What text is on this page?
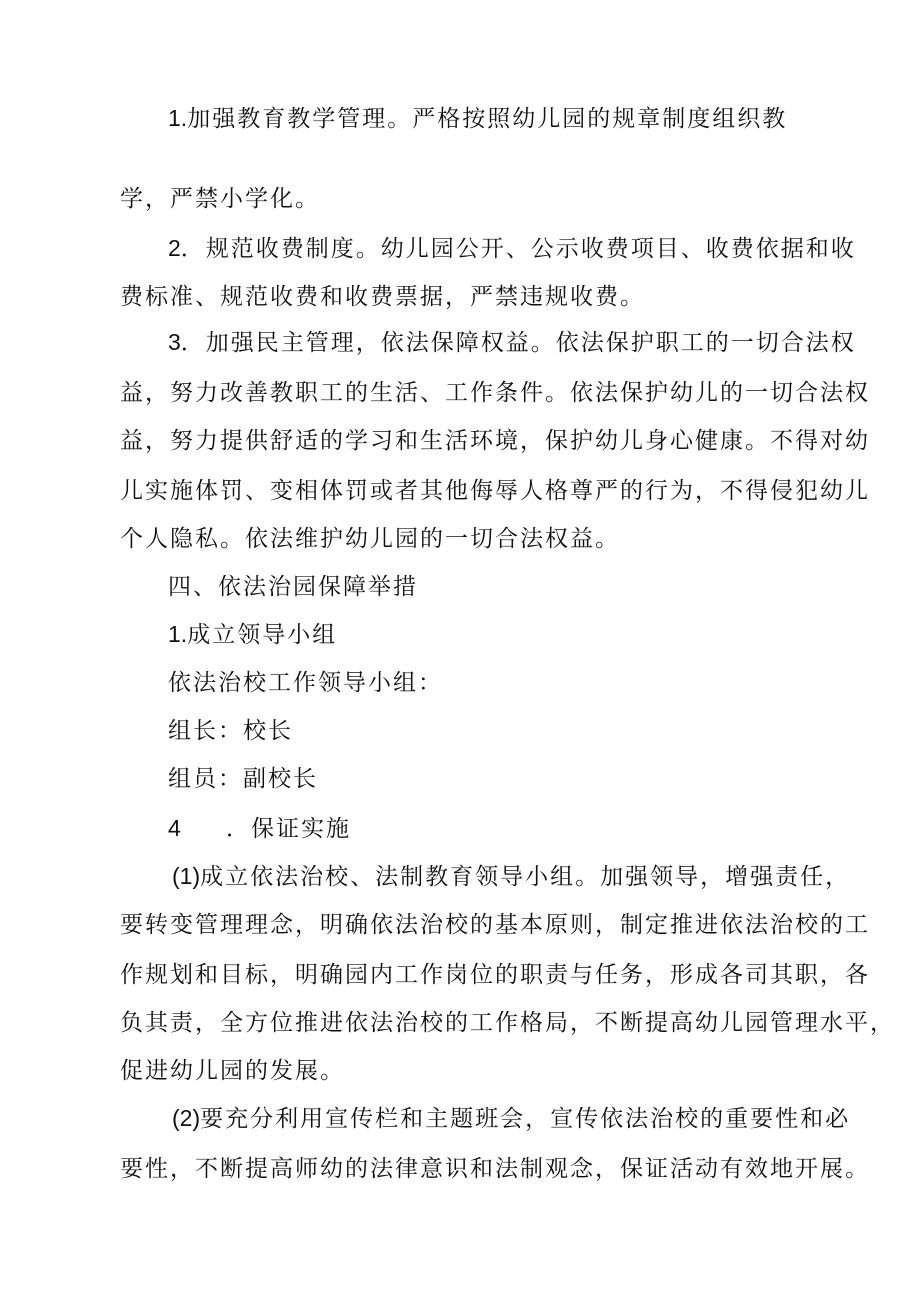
1.加强教育教学管理。严格按照幼儿园的规章制度组织教
学，严禁小学化。
2．规范收费制度。幼儿园公开、公示收费项目、收费依据和收
费标准、规范收费和收费票据，严禁违规收费。
3．加强民主管理，依法保障权益。依法保护职工的一切合法权
益，努力改善教职工的生活、工作条件。依法保护幼儿的一切合法权
益，努力提供舒适的学习和生活环境，保护幼儿身心健康。不得对幼
儿实施体罚、变相体罚或者其他侮辱人格尊严的行为，不得侵犯幼儿
个人隐私。依法维护幼儿园的一切合法权益。
四、依法治园保障举措
1.成立领导小组
依法治校工作领导小组：
组长：校长
组员：副校长
4 ．保证实施
(1)成立依法治校、法制教育领导小组。加强领导，增强责任，
要转变管理理念，明确依法治校的基本原则，制定推进依法治校的工
作规划和目标，明确园内工作岗位的职责与任务，形成各司其职，各
负其责，全方位推进依法治校的工作格局，不断提高幼儿园管理水平，
促进幼儿园的发展。
(2)要充分利用宣传栏和主题班会，宣传依法治校的重要性和必
要性，不断提高师幼的法律意识和法制观念，保证活动有效地开展。
